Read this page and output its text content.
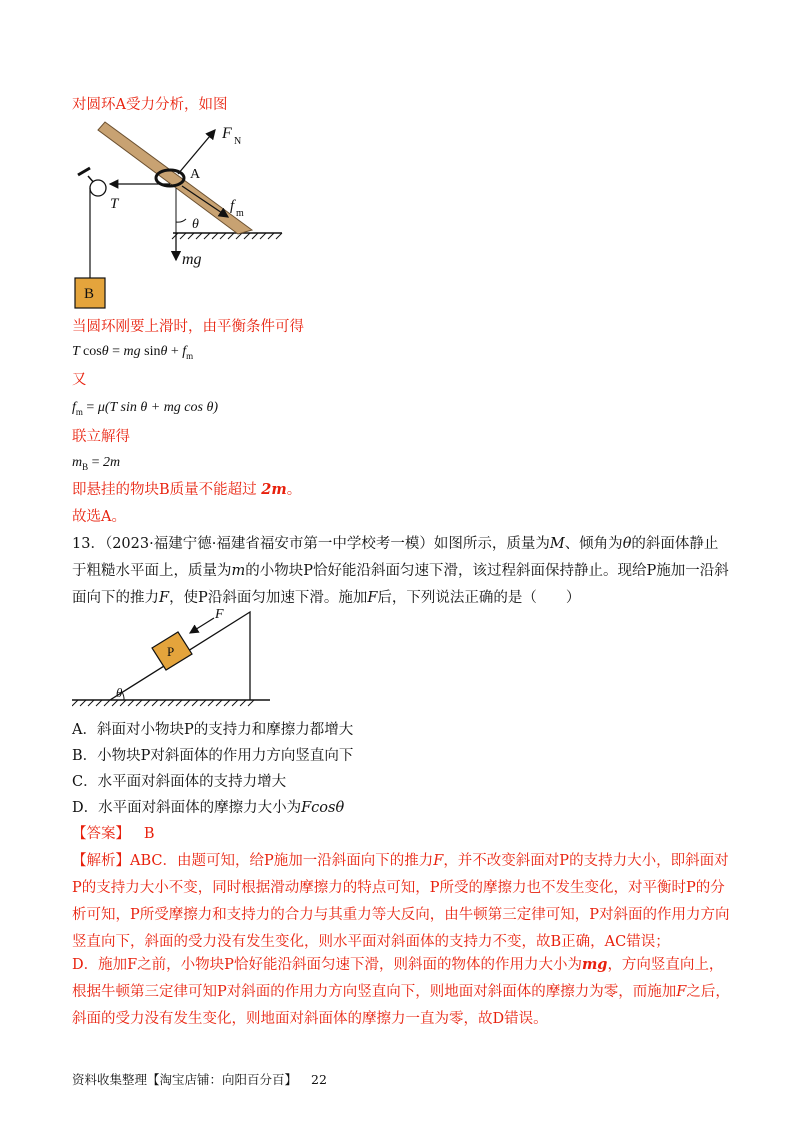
对圆环A受力分析，如图
F N
A
T	f m
θ
mg
B
当圆环刚要上滑时，由平衡条件可得
T cosθ = mg $\sin\theta + f_m$
又
$f_m = \mu(T$ sin θ + mg cos θ)
联立解得
$m_B = 2m$
即悬挂的物块B质量不能超过 2m。
故选A。
13．（2023·福建宁德·福建省福安市第一中学校考一模）如图所示，质量为M、倾角为θ的斜面体静止于粗糙水平面上，质量为m的小物块P恰好能沿斜面匀速下滑，该过程斜面保持静止。现给P施加一沿斜面向下的推力F，使P沿斜面匀加速下滑。施加F后，下列说法正确的是（　　）
P
F
θ
A．斜面对小物块P的支持力和摩擦力都增大
B．小物块P对斜面体的作用力方向竖直向下
C．水平面对斜面体的支持力增大
D．水平面对斜面体的摩擦力大小为Fcosθ
【答案】 B
【解析】ABC．由题可知，给P施加一沿斜面向下的推力F，并不改变斜面对P的支持力大小，即斜面对P的支持力大小不变，同时根据滑动摩擦力的特点可知，P所受的摩擦力也不发生变化，对平衡时P的分析可知，P所受摩擦力和支持力的合力与其重力等大反向，由牛顿第三定律可知，P对斜面的作用力方向竖直向下，斜面的受力没有发生变化，则水平面对斜面体的支持力不变，故B正确，AC错误；
D．施加F之前，小物块P恰好能沿斜面匀速下滑，则斜面的物体的作用力大小为mg，方向竖直向上，根据牛顿第三定律可知P对斜面的作用力方向竖直向下，则地面对斜面体的摩擦力为零，而施加F之后，斜面的受力没有发生变化，则地面对斜面体的摩擦力一直为零，故D错误。
资料收集整理【淘宝店铺：向阳百分百】 22
